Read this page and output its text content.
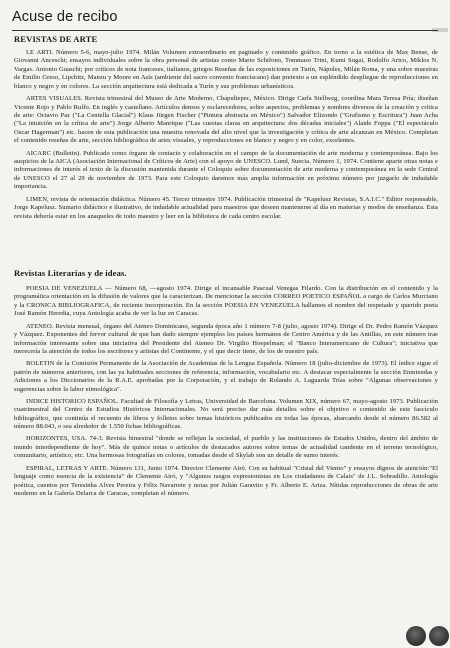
Acuse de recibo
REVISTAS DE ARTE

LE ARTI. Número 5-6, mayo-julio 1974. Milán Volumen extraordinario en paginado y contenido gráfico. En torno a la estética de Max Bense, de Giovanni Anceschi; ensayos individuales sobre la obra personal de artistas como Mario Schifono, Tommaso Trini, Kumi Sugai, Rodolfo Arico, Miklos N. Vargas. Antonio Guaschi; por críticos de nota franceses, italianos, griegos Reseñas de las exposiciones en Turín, Nápoles, Milán Roma, y una sobre muestras de Emilio Greso, Lipchitz, Manzu y Moore en Asís (ambiente del sacro convento franciscano) dan pretexto a un espléndido despliegue de reproducciones en blanco y negro y en colores. La sección arquitectura está dedicada a Turín y sus problemas urbanísticos.

ARTES VISUALES. Revista trimestral del Museo de Arte Moderno, Chapultepec, México. Dirige Carla Stellweg, coordina Mara Teresa Pría; diseñan Vicente Rojo y Pablo Rulfo. En inglés y castellano. Artículos densos y esclarecedores, sobre aspectos, problemas y nombres diversos de la creación y crítica de arte: Octavio Paz ("La Centella Glacial") Klaus Jürgen Fischer ("Pintura abstracta en México") Salvador Elizondo ("Grafismo y Escritura") Juan Acha ("La intuición en la crítica de arte") Jorge Alberto Manrique ("Las cuestas claras en arquitectura: dos décadas iniciales") Alaide Foppa ("El espectáculo Oscar Hagerman") etc. hacen de esta publicación una muestra renovada del alto nivel que la investigación y crítica de arte alcanzan en México. Completan el contenido reseñas de arte, sección bibliográfica de artes visuales, y reproducciones en blanco y negro y en color, excelentes.

AICARC (Bulletin). Publicado como órgano de contacto y colaboración en el campo de la documentación de arte moderna y contemporánea. Bajo los auspicios de la AICA (Asociación Internacional de Críticos de Arte) con el apoyo de UNESCO. Lund, Suecia. Número 1, 1974. Contiene aparte otras notas e informaciones de interés el texto de la discusión mantenida durante el Coloquio sobre documentación de arte moderna y contemporánea en la sede Central de UNESCO el 27 al 29 de noviembre de 1973. Para este Coloquio daremos más amplia información en próximo número por juzgarlo de indudable importancia.

LIMEN, revista de orientación didáctica. Número 45. Tercer trimestre 1974. Publicación trimestral de "Kapelusz Revistas, S.A.I.C." Editor responsable, Jorge Kapelusz. Sumario didáctico e ilustrativo, de indudable actualidad para maestros que deseen mantenerse al día en materias y modos de enseñanza. Esta revista debería estar en los anaqueles de todo maestro y leer en la biblioteca de cada centro escolar.

Revistas Literarias y de ideas.

POESIA DE VENEZUELA — Número 68, —agosto 1974. Dirige el incansable Pascual Venegas Filardo. Con la distribución en el contenido y la programática orientación en la difusión de valores que la caracterizan. De mencionar la sección CORREO POETICO ESPAÑOL a cargo de Carlos Murciano y la CRONICA BIBLIOGRAFICA, de reciente incorporación. En la sección POESIA EN VENEZUELA hallamos el nombre del respetado y querido poeta José Ramón Heredia, cuya Antología acaba de ver la luz en Caracas.

ATENEO. Revista mensual, órgano del Ateneo Dominicano, segunda época año 1 número 7-8 (julio, agosto 1974). Dirige el Dr. Pedro Ramón Vázquez y Vázquez. Exponentes del fervor cultural de que han dado siempre ejemplos los países hermanos de Centro América y de las Antillas, en este número trae información interesante sobre una iniciativa del Presidente del Ateneo Dr. Virgilio Hoepelman; el "Banco Interamericano de Cultura"; iniciativa que merecería la atención de todos los escritores y artistas del Continente, y el que decir tiene, de los de nuestro país.

BOLETIN de la Comisión Permanente de la Asociación de Academias de la Lengua Española. Número 18 (julio-diciembre de 1973). El índice sigue el patrón de números anteriores, con las ya habituales secciones de referencia, información, vocabulario etc. A destacar especialmente la sección Enmiendas y Adiciones a los Diccionarios de la R.A.E. aprobadas por la Corporación, y el trabajo de Rolando A. Laguarda Trías sobre "Algunas observaciones y sugerencias sobre la labor etimológica".

INDICE HISTORICO ESPAÑOL. Facultad de Filosofía y Letras, Universidad de Barcelona. Volumen XIX, número 67, mayo-agosto 1973. Publicación cuatrimestral del Centro de Estudios Históricos Internacionales. No será preciso dar más detalles sobre el objetivo o contenido de este fascículo bibliográfico, que continúa el recuento de libros y folletos sobre temas históricos publicados en todas las épocas, abarcando desde el número 86.582 al número 88.043, o sea alrededor de 1.550 fichas bibliográficas.

HORIZONTES, USA. 74-3. Revista bimestral "donde se reflejan la sociedad, el pueblo y las instituciones de Estados Unidos, dentro del ámbito de mundo interdependiente de hoy". Más de quince notas o artículos de destacados autores sobre temas de actualidad candente en el terreno tecnológico, comunitario, artístico, etc. Una hermosas fotografías en colores, tomadas desde el Skylab son un detalle de sumo interés.

ESPIRAL, LETRAS Y ARTE. Número 131, Junio 1974. Director Clemente Airó. Con su habitual "Cristal del Viento" y ensayos dignos de atención:"El lenguaje como esencia de la existencia" de Clemente Airó, y "Algunos rasgos expresionistas en Los ciudadanos de Calais" de J.L. Sobradillo. Antología poética, cuentos por Teresinha Alves Pereira y Félix Navarrete y notas por Julián Garavito y Fr. Alberto E. Ariza. Nítidas reproducciones de obras de arte moderno en la Galería Delarca de Caracas, completan el número.
